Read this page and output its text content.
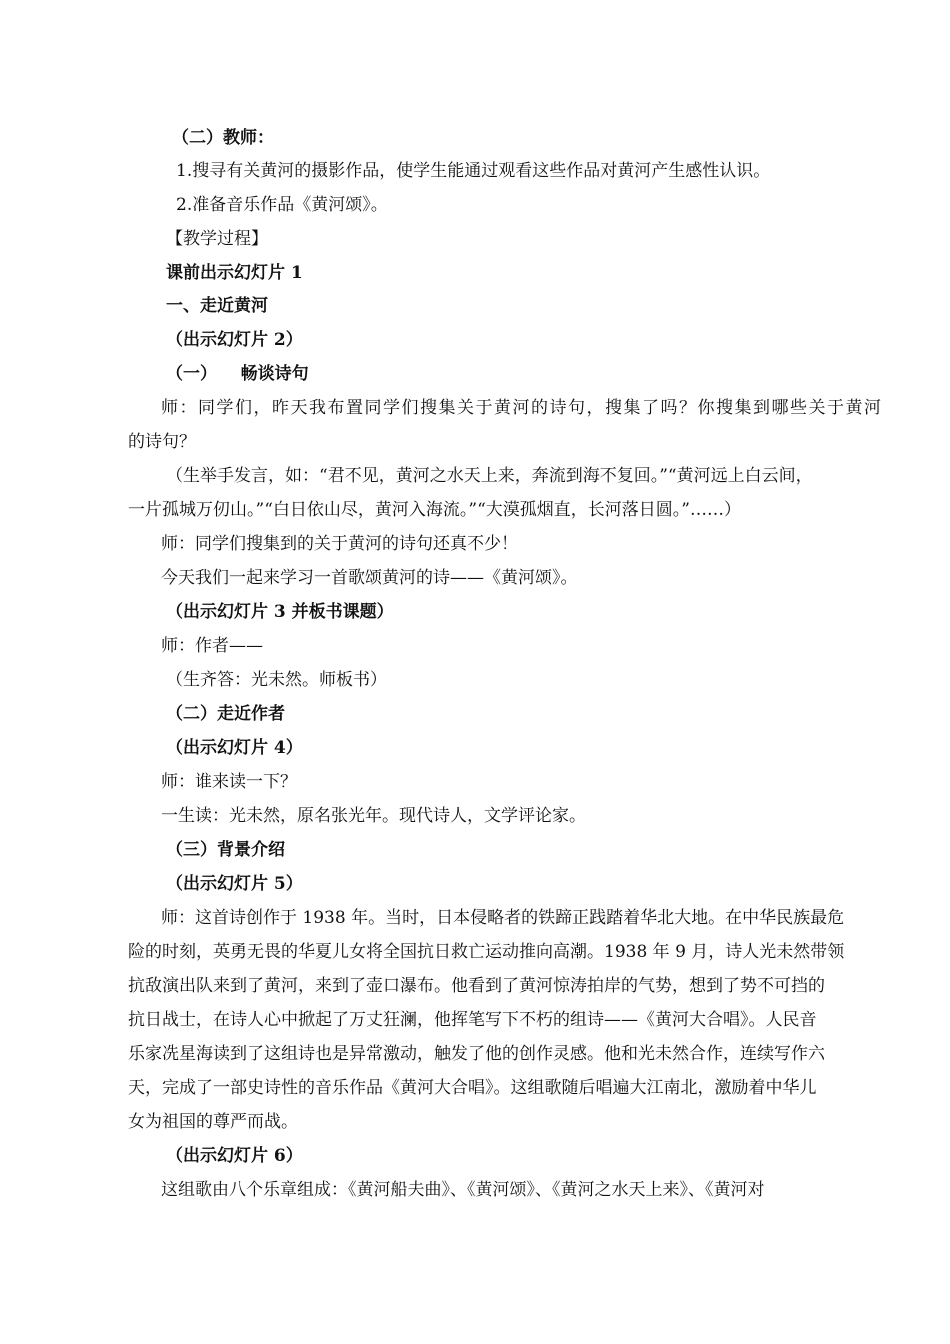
（二）教师：
1.搜寻有关黄河的摄影作品，使学生能通过观看这些作品对黄河产生感性认识。
2.准备音乐作品《黄河颂》。
【教学过程】
课前出示幻灯片 1
一、走近黄河
（出示幻灯片 2）
（一）    畅谈诗句
师：同学们，昨天我布置同学们搜集关于黄河的诗句，搜集了吗？你搜集到哪些关于黄河
的诗句？
（生举手发言，如：“君不见，黄河之水天上来，奔流到海不复回。”“黄河远上白云间，
一片孤城万仞山。”“白日依山尽，黄河入海流。”“大漠孤烟直，长河落日圆。”……）
师：同学们搜集到的关于黄河的诗句还真不少！
今天我们一起来学习一首歌颂黄河的诗——《黄河颂》。
（出示幻灯片 3 并板书课题）
师：作者——
（生齐答：光未然。师板书）
（二）走近作者
（出示幻灯片 4）
师：谁来读一下？
一生读：光未然，原名张光年。现代诗人，文学评论家。
（三）背景介绍
（出示幻灯片 5）
师：这首诗创作于 1938 年。当时，日本侵略者的铁蹄正践踏着华北大地。在中华民族最危
险的时刻，英勇无畏的华夏儿女将全国抗日救亡运动推向高潮。1938 年 9 月，诗人光未然带领
抗敌演出队来到了黄河，来到了壶口瀑布。他看到了黄河惊涛拍岸的气势，想到了势不可挡的
抗日战士，在诗人心中掀起了万丈狂澜，他挥笔写下不朽的组诗——《黄河大合唱》。人民音
乐家冼星海读到了这组诗也是异常激动，触发了他的创作灵感。他和光未然合作，连续写作六
天，完成了一部史诗性的音乐作品《黄河大合唱》。这组歌随后唱遍大江南北，激励着中华儿
女为祖国的尊严而战。
（出示幻灯片 6）
这组歌由八个乐章组成：《黄河船夫曲》、《黄河颂》、《黄河之水天上来》、《黄河对
